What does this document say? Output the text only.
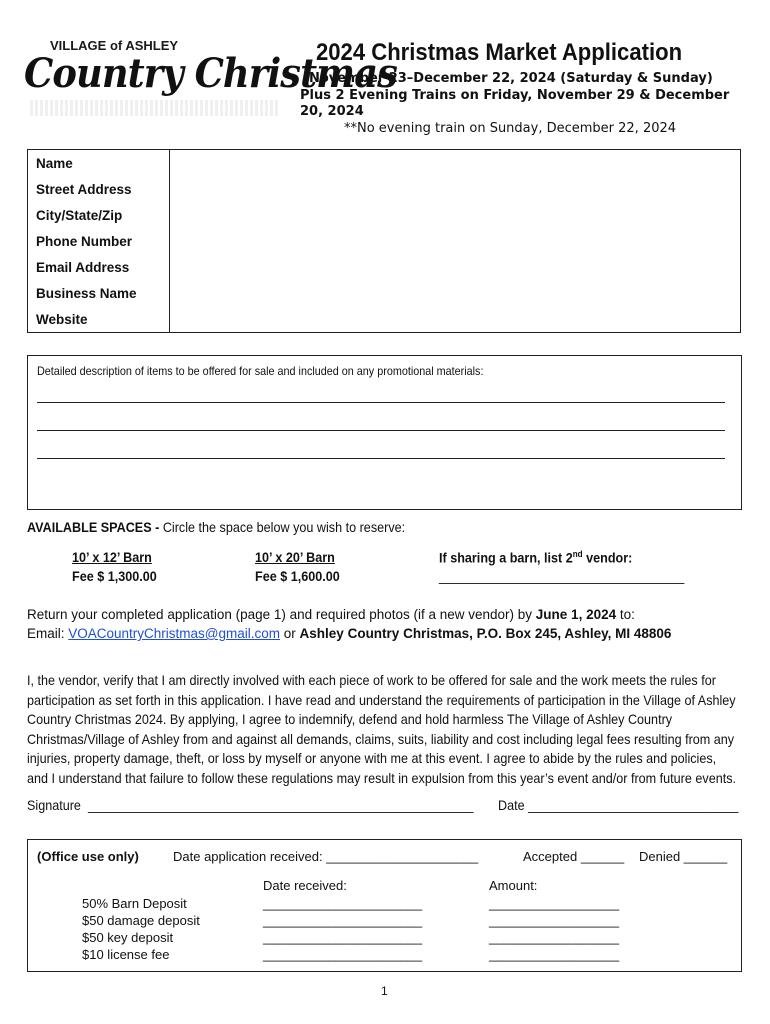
VILLAGE of ASHLEY
Country Christmas
2024 Christmas Market Application
November 23–December 22, 2024 (Saturday & Sunday)
Plus 2 Evening Trains on Friday, November 29 & December 20, 2024
**No evening train on Sunday, December 22, 2024
Name	
Street Address	
City/State/Zip	
Phone Number	
Email Address	
Business Name	
Website	
Detailed description of items to be offered for sale and included on any promotional materials:
AVAILABLE SPACES - Circle the space below you wish to reserve:
10’ x 12’ Barn
Fee $ 1,300.00
10’ x 20’ Barn
Fee $ 1,600.00
If sharing a barn, list 2nd vendor:
___________________________________
Return your completed application (page 1) and required photos (if a new vendor) by June 1, 2024 to:
Email: VOACountryChristmas@gmail.com or Ashley Country Christmas, P.O. Box 245, Ashley, MI 48806
I, the vendor, verify that I am directly involved with each piece of work to be offered for sale and the work meets the rules for participation as set forth in this application. I have read and understand the requirements of participation in the Village of Ashley Country Christmas 2024. By applying, I agree to indemnify, defend and hold harmless The Village of Ashley Country Christmas/Village of Ashley from and against all demands, claims, suits, liability and cost including legal fees resulting from any injuries, property damage, theft, or loss by myself or anyone with me at this event. I agree to abide by the rules and policies, and I understand that failure to follow these regulations may result in expulsion from this year’s event and/or from future events.
Signature _______________________________________________________ Date ______________________________
(Office use only)	Date application received: _____________________	Accepted ______ Denied ______
Date received:	Amount:
50% Barn Deposit	______________________	__________________
$50 damage deposit	______________________	__________________
$50 key deposit	______________________	__________________
$10 license fee	______________________	__________________
1
